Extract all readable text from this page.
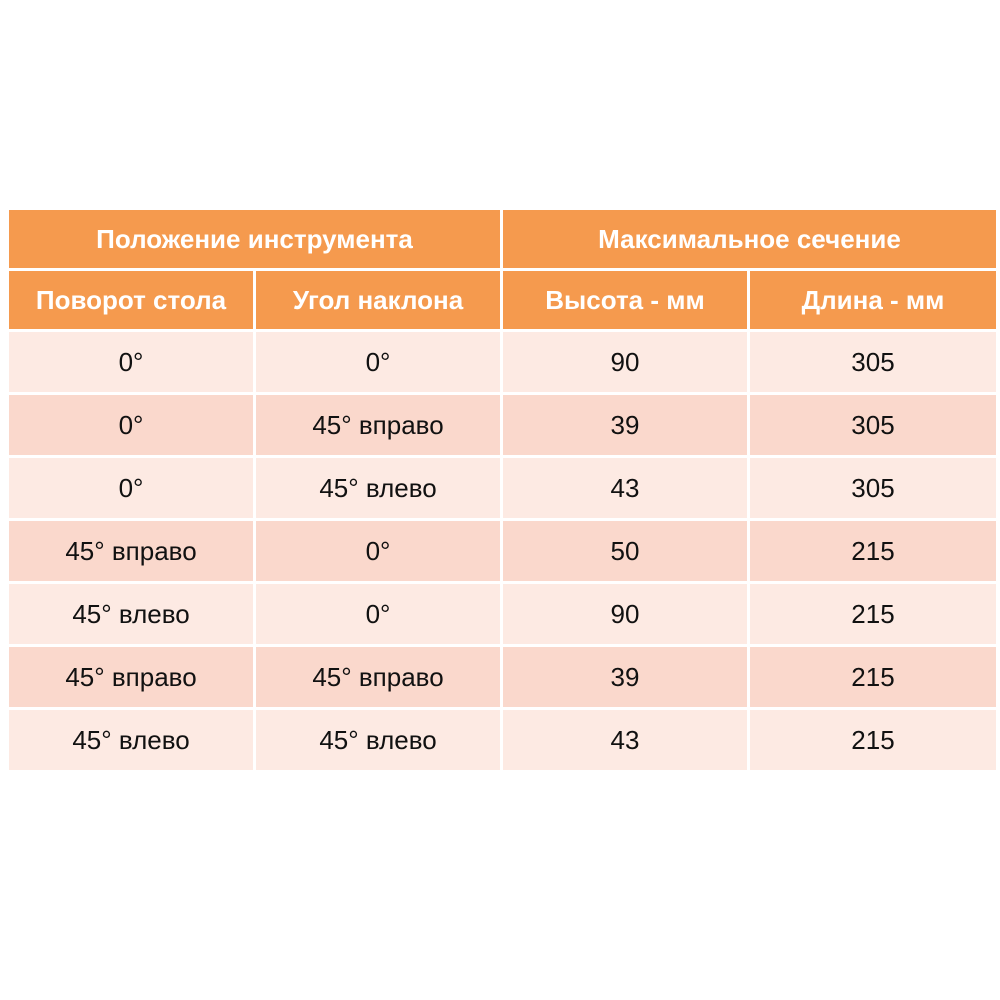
Положение инструмента		Максимальное сечение	
Поворот стола	Угол наклона	Высота - мм	Длина - мм
0°	0°	90	305
0°	45° вправо	39	305
0°	45° влево	43	305
45° вправо	0°	50	215
45° влево	0°	90	215
45° вправо	45° вправо	39	215
45° влево	45° влево	43	215
